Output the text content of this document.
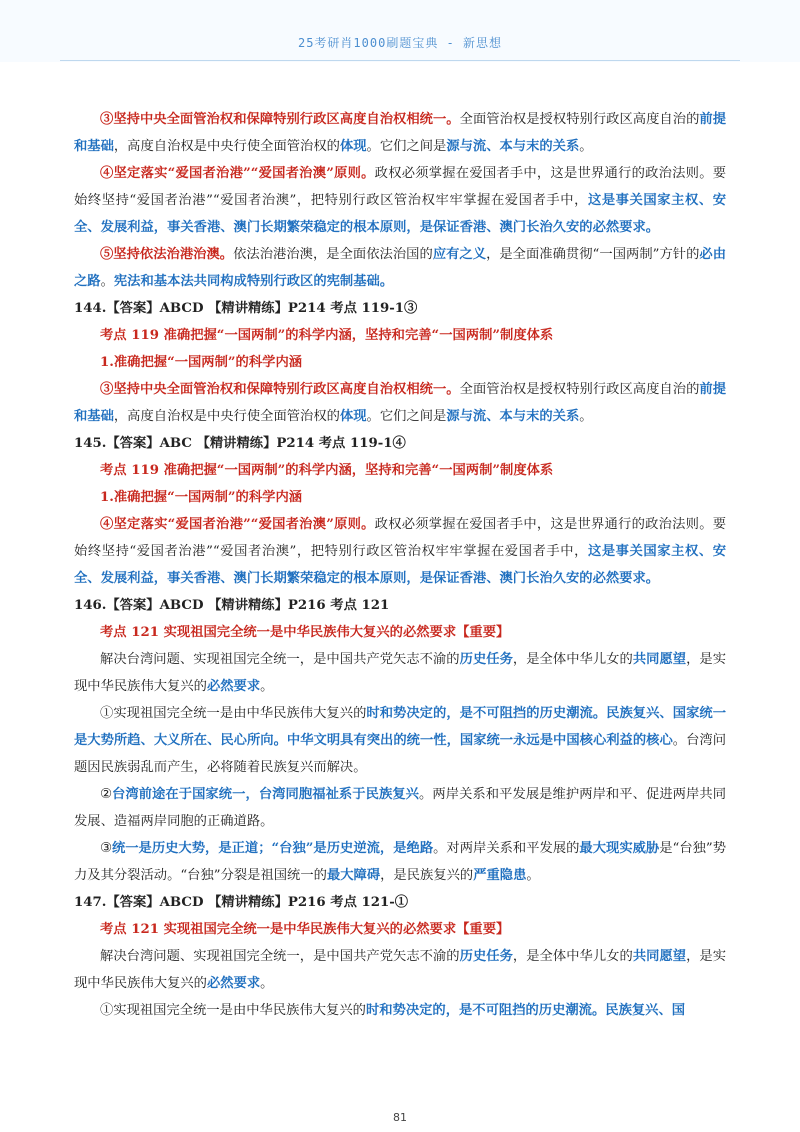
25考研肖1000刷题宝典 - 新思想

③坚持中央全面管治权和保障特别行政区高度自治权相统一。全面管治权是授权特别行政区高度自治的前提和基础，高度自治权是中央行使全面管治权的体现。它们之间是源与流、本与末的关系。

④坚定落实“爱国者治港”“爱国者治澳”原则。政权必须掌握在爱国者手中，这是世界通行的政治法则。要始终坚持“爱国者治港”“爱国者治澳”，把特别行政区管治权牢牢掌握在爱国者手中，这是事关国家主权、安全、发展利益，事关香港、澳门长期繁荣稳定的根本原则，是保证香港、澳门长治久安的必然要求。

⑤坚持依法治港治澳。依法治港治澳，是全面依法治国的应有之义，是全面准确贯彻“一国两制”方针的必由之路。宪法和基本法共同构成特别行政区的宪制基础。

144.【答案】ABCD 【精讲精练】P214 考点 119-1③

考点 119 准确把握“一国两制”的科学内涵，坚持和完善“一国两制”制度体系

1.准确把握“一国两制”的科学内涵

③坚持中央全面管治权和保障特别行政区高度自治权相统一。全面管治权是授权特别行政区高度自治的前提和基础，高度自治权是中央行使全面管治权的体现。它们之间是源与流、本与末的关系。

145.【答案】ABC 【精讲精练】P214 考点 119-1④

考点 119 准确把握“一国两制”的科学内涵，坚持和完善“一国两制”制度体系

1.准确把握“一国两制”的科学内涵

④坚定落实“爱国者治港”“爱国者治澳”原则。政权必须掌握在爱国者手中，这是世界通行的政治法则。要始终坚持“爱国者治港”“爱国者治澳”，把特别行政区管治权牢牢掌握在爱国者手中，这是事关国家主权、安全、发展利益，事关香港、澳门长期繁荣稳定的根本原则，是保证香港、澳门长治久安的必然要求。

146.【答案】ABCD 【精讲精练】P216 考点 121

考点 121 实现祖国完全统一是中华民族伟大复兴的必然要求【重要】

解决台湾问题、实现祖国完全统一，是中国共产党矢志不渝的历史任务，是全体中华儿女的共同愿望，是实现中华民族伟大复兴的必然要求。

①实现祖国完全统一是由中华民族伟大复兴的时和势决定的，是不可阻挡的历史潮流。民族复兴、国家统一是大势所趋、大义所在、民心所向。中华文明具有突出的统一性，国家统一永远是中国核心利益的核心。台湾问题因民族弱乱而产生，必将随着民族复兴而解决。

②台湾前途在于国家统一，台湾同胞福祉系于民族复兴。两岸关系和平发展是维护两岸和平、促进两岸共同发展、造福两岸同胞的正确道路。

③统一是历史大势，是正道；“台独”是历史逆流，是绝路。对两岸关系和平发展的最大现实威胁是“台独”势力及其分裂活动。“台独”分裂是祖国统一的最大障碍，是民族复兴的严重隐患。

147.【答案】ABCD 【精讲精练】P216 考点 121-①

考点 121 实现祖国完全统一是中华民族伟大复兴的必然要求【重要】

解决台湾问题、实现祖国完全统一，是中国共产党矢志不渝的历史任务，是全体中华儿女的共同愿望，是实现中华民族伟大复兴的必然要求。

①实现祖国完全统一是由中华民族伟大复兴的时和势决定的，是不可阻挡的历史潮流。民族复兴、国

81
